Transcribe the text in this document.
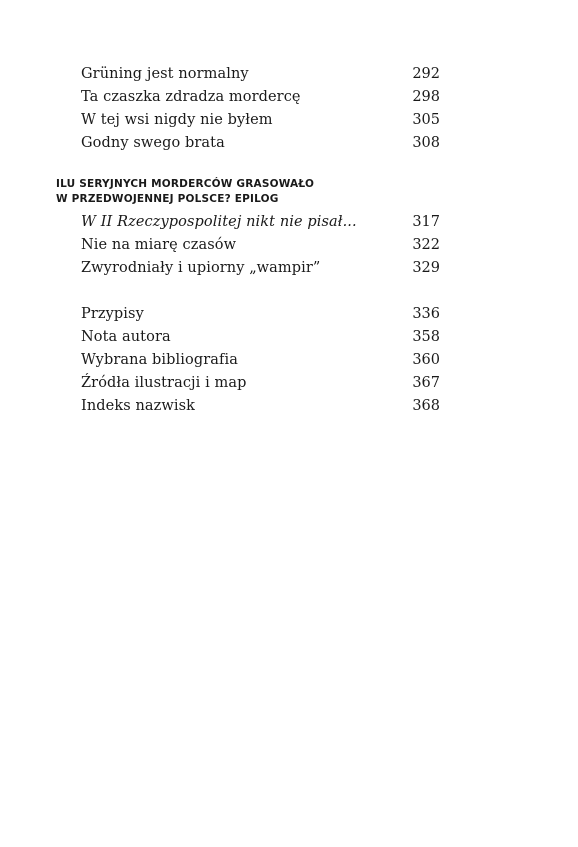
Grüning jest normalny	292
Ta czaszka zdradza mordercę	298
W tej wsi nigdy nie byłem	305
Godny swego brata	308
ILU SERYJNYCH MORDERCÓW GRASOWAŁO
W PRZEDWOJENNEJ POLSCE? EPILOG
W II Rzeczypospolitej nikt nie pisał...	317
Nie na miarę czasów	322
Zwyrodniały i upiorny „wampir”	329
Przypisy	336
Nota autora	358
Wybrana bibliografia	360
Źródła ilustracji i map	367
Indeks nazwisk	368
